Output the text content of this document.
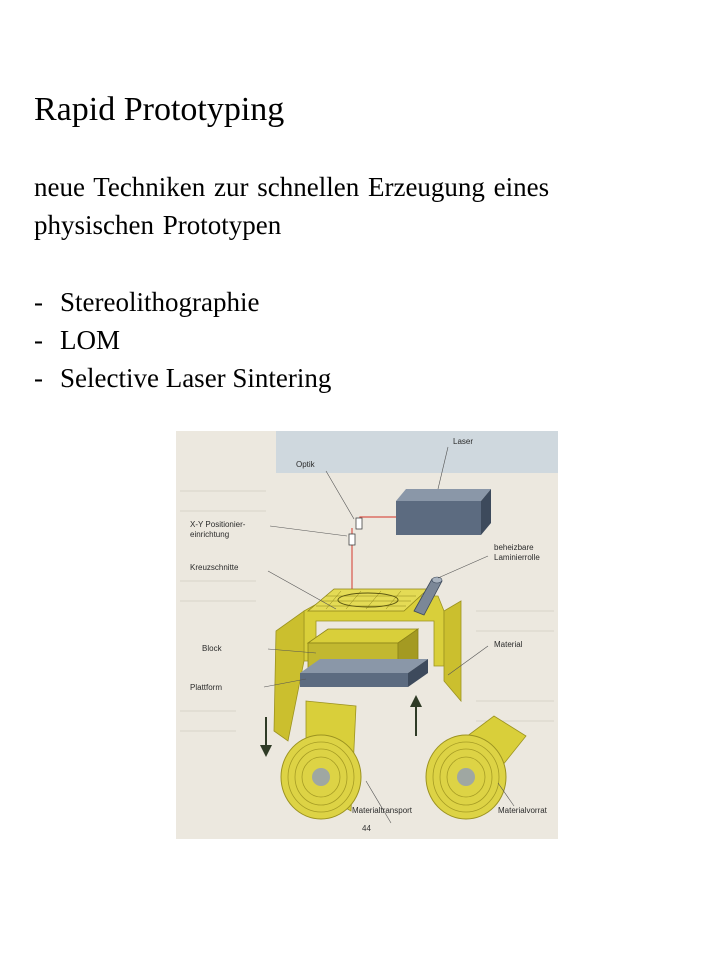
Rapid Prototyping

neue Techniken zur schnellen Erzeugung eines physischen Prototypen

- Stereolithographie
- LOM
- Selective Laser Sintering
Laser
Optik
X-Y Positionier-
einrichtung
beheizbare
Laminierrolle
Kreuzschnitte
Material
Block
Plattform
Materialtransport	Materialvorrat
44
